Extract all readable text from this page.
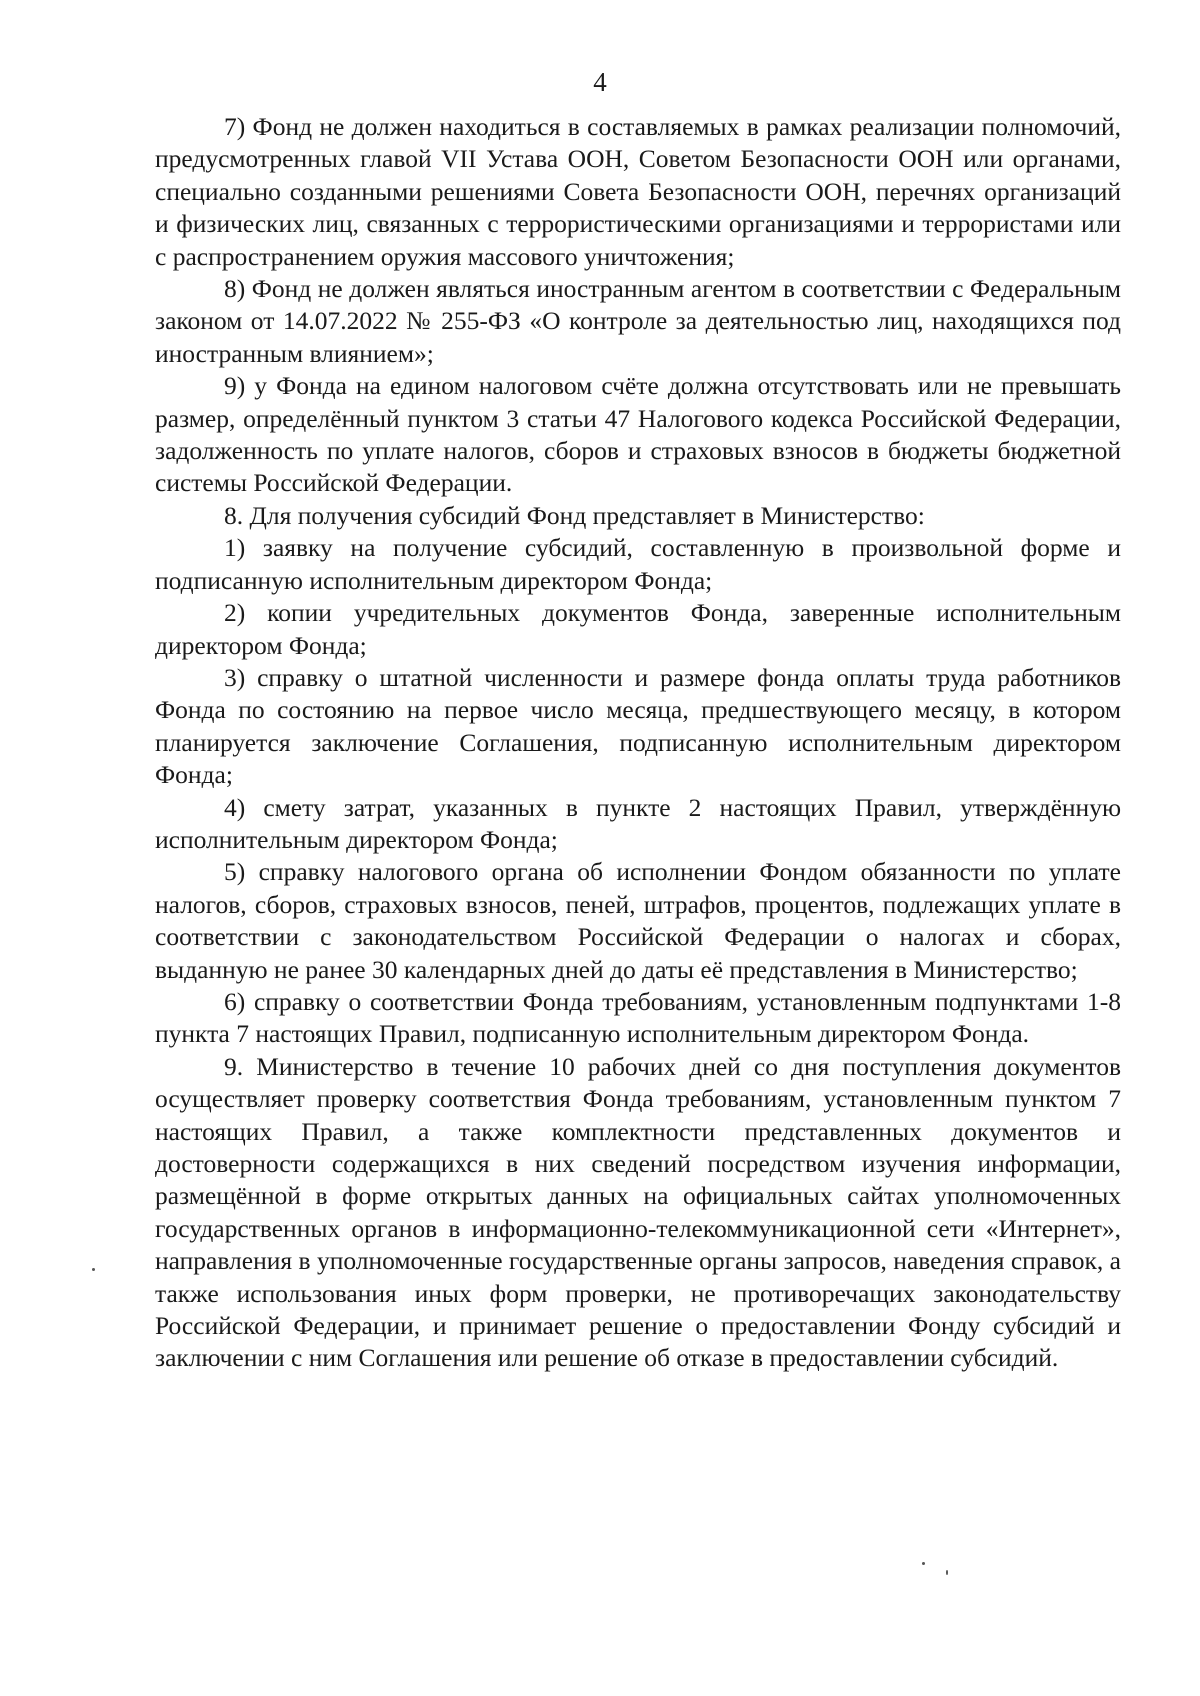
4

7) Фонд не должен находиться в составляемых в рамках реализации полномочий, предусмотренных главой VII Устава ООН, Советом Безопасности ООН или органами, специально созданными решениями Совета Безопасности ООН, перечнях организаций и физических лиц, связанных с террористическими организациями и террористами или с распространением оружия массового уничтожения;

8) Фонд не должен являться иностранным агентом в соответствии с Федеральным законом от 14.07.2022 № 255-ФЗ «О контроле за деятельностью лиц, находящихся под иностранным влиянием»;

9) у Фонда на едином налоговом счёте должна отсутствовать или не превышать размер, определённый пунктом 3 статьи 47 Налогового кодекса Российской Федерации, задолженность по уплате налогов, сборов и страховых взносов в бюджеты бюджетной системы Российской Федерации.

8. Для получения субсидий Фонд представляет в Министерство:

1) заявку на получение субсидий, составленную в произвольной форме и подписанную исполнительным директором Фонда;

2) копии учредительных документов Фонда, заверенные исполнительным директором Фонда;

3) справку о штатной численности и размере фонда оплаты труда работников Фонда по состоянию на первое число месяца, предшествующего месяцу, в котором планируется заключение Соглашения, подписанную исполнительным директором Фонда;

4) смету затрат, указанных в пункте 2 настоящих Правил, утверждённую исполнительным директором Фонда;

5) справку налогового органа об исполнении Фондом обязанности по уплате налогов, сборов, страховых взносов, пеней, штрафов, процентов, подлежащих уплате в соответствии с законодательством Российской Федерации о налогах и сборах, выданную не ранее 30 календарных дней до даты её представления в Министерство;

6) справку о соответствии Фонда требованиям, установленным подпунктами 1-8 пункта 7 настоящих Правил, подписанную исполнительным директором Фонда.

9. Министерство в течение 10 рабочих дней со дня поступления документов осуществляет проверку соответствия Фонда требованиям, установленным пунктом 7 настоящих Правил, а также комплектности представленных документов и достоверности содержащихся в них сведений посредством изучения информации, размещённой в форме открытых данных на официальных сайтах уполномоченных государственных органов в информационно-телекоммуникационной сети «Интернет», направления в уполномоченные государственные органы запросов, наведения справок, а также использования иных форм проверки, не противоречащих законодательству Российской Федерации, и принимает решение о предоставлении Фонду субсидий и заключении с ним Соглашения или решение об отказе в предоставлении субсидий.
